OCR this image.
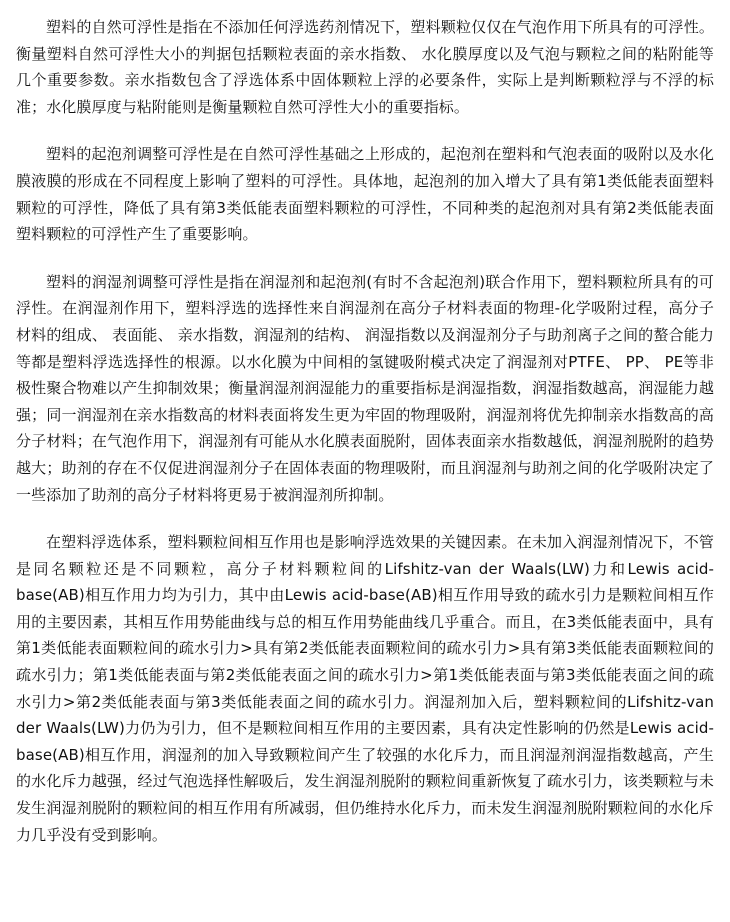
塑料的自然可浮性是指在不添加任何浮选药剂情况下，塑料颗粒仅仅在气泡作用下所具有的可浮性。衡量塑料自然可浮性大小的判据包括颗粒表面的亲水指数、 水化膜厚度以及气泡与颗粒之间的粘附能等几个重要参数。亲水指数包含了浮选体系中固体颗粒上浮的必要条件，实际上是判断颗粒浮与不浮的标准；水化膜厚度与粘附能则是衡量颗粒自然可浮性大小的重要指标。

塑料的起泡剂调整可浮性是在自然可浮性基础之上形成的，起泡剂在塑料和气泡表面的吸附以及水化膜液膜的形成在不同程度上影响了塑料的可浮性。具体地，起泡剂的加入增大了具有第1类低能表面塑料颗粒的可浮性，降低了具有第3类低能表面塑料颗粒的可浮性，不同种类的起泡剂对具有第2类低能表面塑料颗粒的可浮性产生了重要影响。

塑料的润湿剂调整可浮性是指在润湿剂和起泡剂(有时不含起泡剂)联合作用下，塑料颗粒所具有的可浮性。在润湿剂作用下，塑料浮选的选择性来自润湿剂在高分子材料表面的物理-化学吸附过程，高分子材料的组成、 表面能、 亲水指数，润湿剂的结构、 润湿指数以及润湿剂分子与助剂离子之间的螯合能力等都是塑料浮选选择性的根源。以水化膜为中间相的氢键吸附模式决定了润湿剂对PTFE、 PP、 PE等非极性聚合物难以产生抑制效果；衡量润湿剂润湿能力的重要指标是润湿指数，润湿指数越高，润湿能力越强；同一润湿剂在亲水指数高的材料表面将发生更为牢固的物理吸附，润湿剂将优先抑制亲水指数高的高分子材料；在气泡作用下，润湿剂有可能从水化膜表面脱附，固体表面亲水指数越低，润湿剂脱附的趋势越大；助剂的存在不仅促进润湿剂分子在固体表面的物理吸附，而且润湿剂与助剂之间的化学吸附决定了一些添加了助剂的高分子材料将更易于被润湿剂所抑制。

在塑料浮选体系，塑料颗粒间相互作用也是影响浮选效果的关键因素。在未加入润湿剂情况下，不管是同名颗粒还是不同颗粒，高分子材料颗粒间的Lifshitz-van der Waals(LW)力和Lewis acid-base(AB)相互作用力均为引力，其中由Lewis acid-base(AB)相互作用导致的疏水引力是颗粒间相互作用的主要因素，其相互作用势能曲线与总的相互作用势能曲线几乎重合。而且，在3类低能表面中，具有第1类低能表面颗粒间的疏水引力>具有第2类低能表面颗粒间的疏水引力>具有第3类低能表面颗粒间的疏水引力；第1类低能表面与第2类低能表面之间的疏水引力>第1类低能表面与第3类低能表面之间的疏水引力>第2类低能表面与第3类低能表面之间的疏水引力。润湿剂加入后，塑料颗粒间的Lifshitz-van der Waals(LW)力仍为引力，但不是颗粒间相互作用的主要因素，具有决定性影响的仍然是Lewis acid-base(AB)相互作用，润湿剂的加入导致颗粒间产生了较强的水化斥力，而且润湿剂润湿指数越高，产生的水化斥力越强，经过气泡选择性解吸后，发生润湿剂脱附的颗粒间重新恢复了疏水引力，该类颗粒与未发生润湿剂脱附的颗粒间的相互作用有所减弱，但仍维持水化斥力，而未发生润湿剂脱附颗粒间的水化斥力几乎没有受到影响。
